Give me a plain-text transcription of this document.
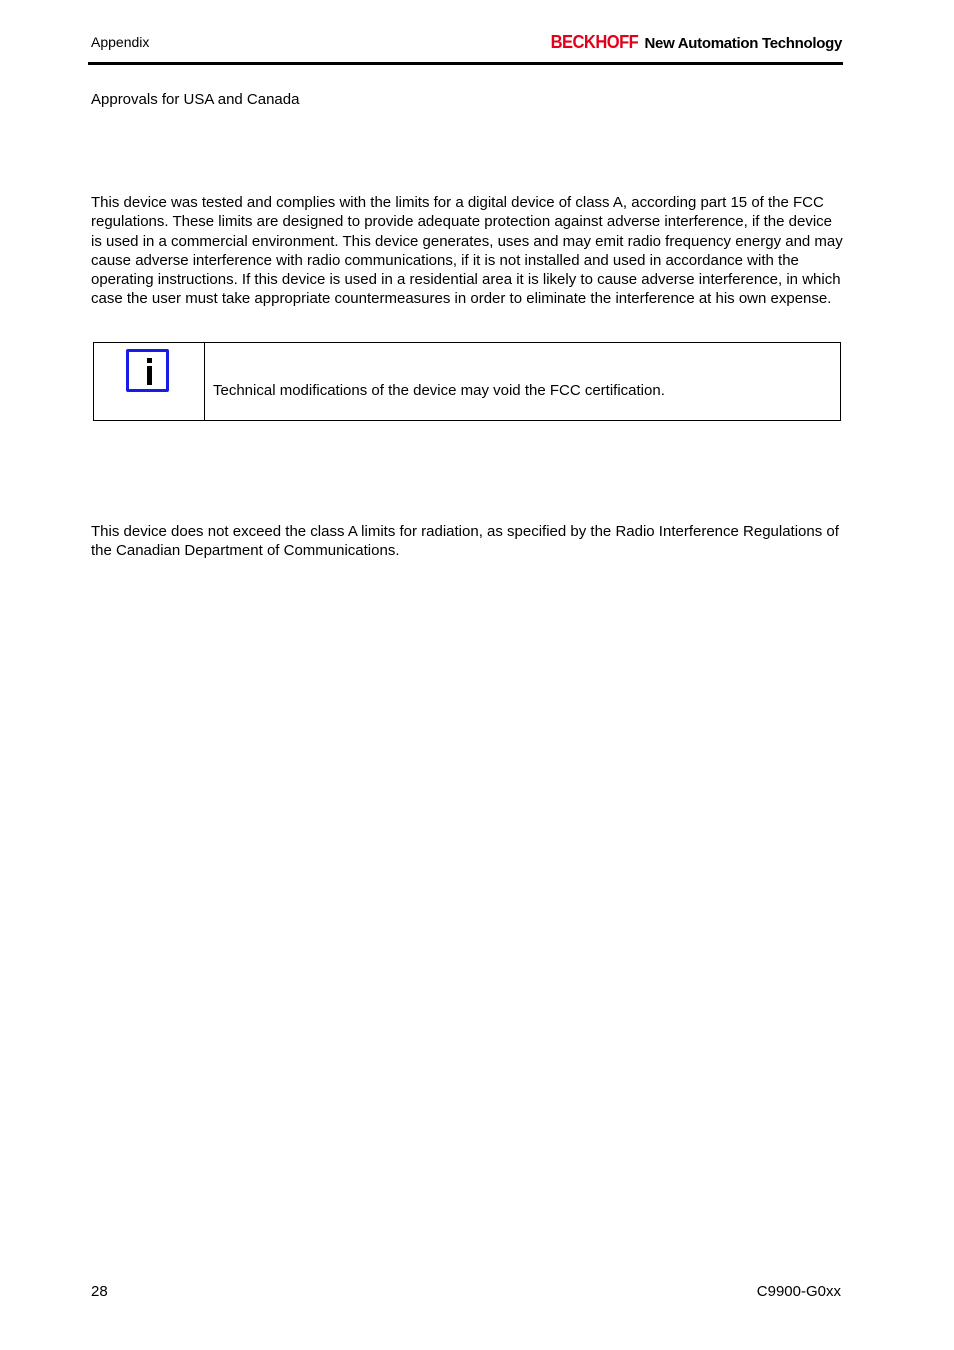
Appendix	BECKHOFF New Automation Technology
Approvals for USA and Canada
This device was tested and complies with the limits for a digital device of class A, according part 15 of the FCC regulations. These limits are designed to provide adequate protection against adverse interference, if the device is used in a commercial environment. This device generates, uses and may emit radio frequency energy and may cause adverse interference with radio communications, if it is not installed and used in accordance with the operating instructions. If this device is used in a residential area it is likely to cause adverse interference, in which case the user must take appropriate countermeasures in order to eliminate the interference at his own expense.
Technical modifications of the device may void the FCC certification.
This device does not exceed the class A limits for radiation, as specified by the Radio Interference Regulations of the Canadian Department of Communications.
28	C9900-G0xx
